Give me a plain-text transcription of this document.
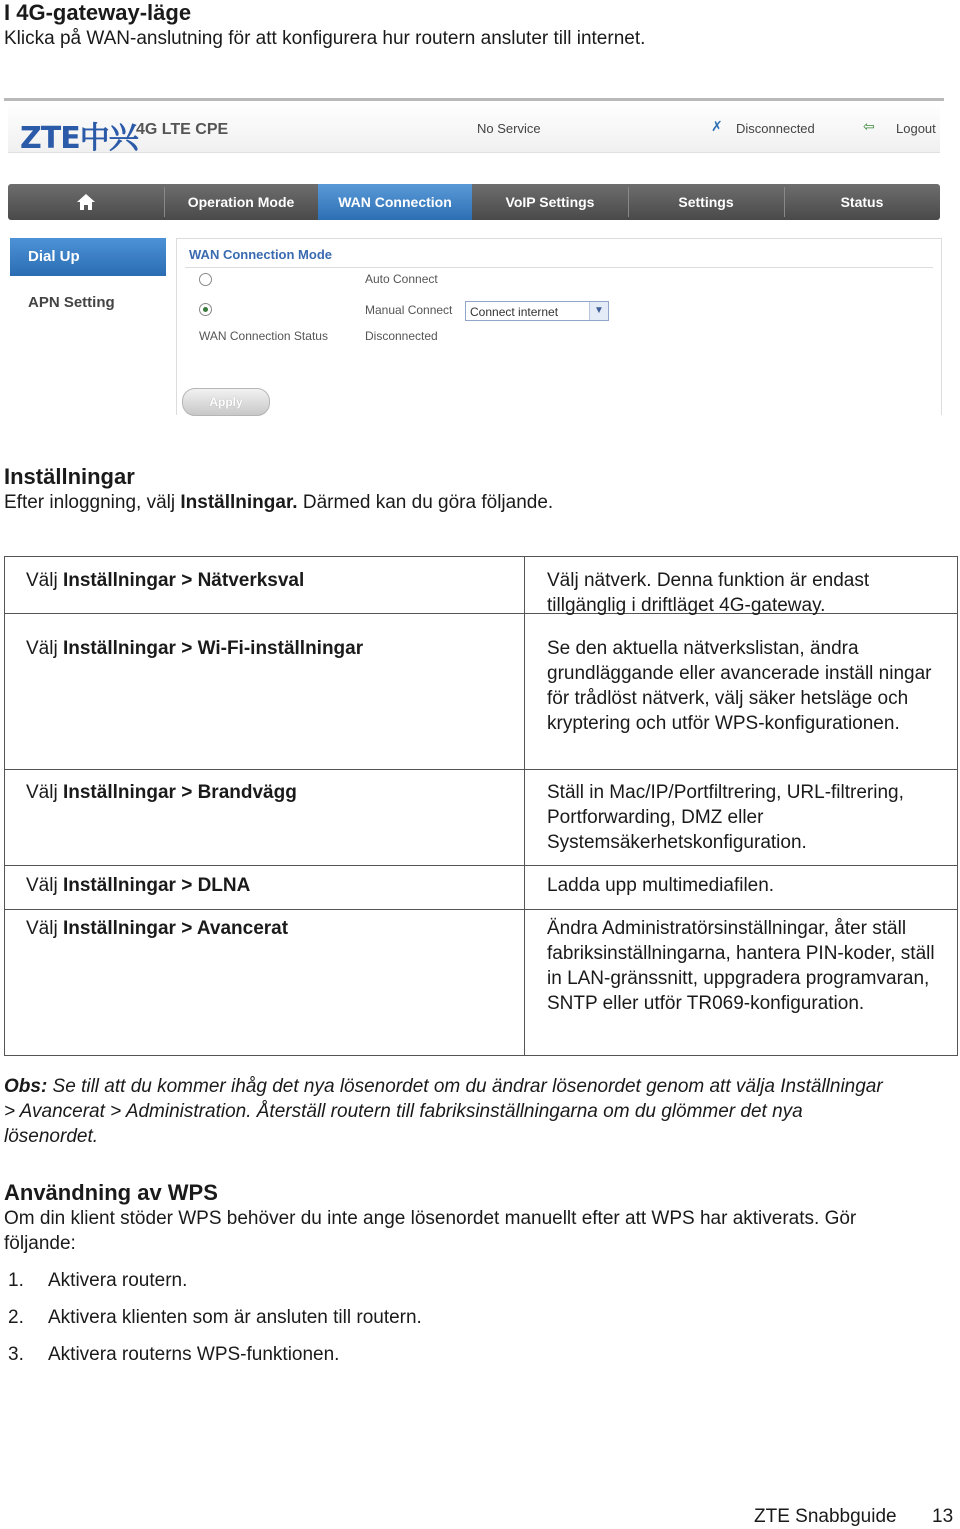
I 4G-gateway-läge
Klicka på WAN-anslutning för att konfigurera hur routern ansluter till internet.
ZTE中兴
4G LTE CPE	No Service	✗ Disconnected	⇦ Logout
Operation Mode	WAN Connection	VoIP Settings	Settings	Status
Dial Up
APN Setting
WAN Connection Mode
Auto Connect
Manual Connect	Connect internet	▼
WAN Connection Status	Disconnected
Apply
Inställningar
Efter inloggning, välj Inställningar. Därmed kan du göra följande.
Välj Inställningar > Nätverksval	Välj nätverk. Denna funktion är endast tillgänglig i driftläget 4G-gateway.
Välj Inställningar > Wi-Fi-inställningar	Se den aktuella nätverkslistan, ändra grundläggande eller avancerade inställ ningar för trådlöst nätverk, välj säker hetsläge och kryptering och utför WPS-konfigurationen.
Välj Inställningar > Brandvägg	Ställ in Mac/IP/Portfiltrering, URL-filtrering, Portforwarding, DMZ eller Systemsäkerhetskonfiguration.
Välj Inställningar > DLNA	Ladda upp multimediafilen.
Välj Inställningar > Avancerat	Ändra Administratörsinställningar, åter ställ fabriksinställningarna, hantera PIN-koder, ställ in LAN-gränssnitt, uppgradera programvaran, SNTP eller utför TR069-konfiguration.
Obs: Se till att du kommer ihåg det nya lösenordet om du ändrar lösenordet genom att välja Inställningar > Avancerat > Administration. Återställ routern till fabriksinställningarna om du glömmer det nya lösenordet.
Användning av WPS
Om din klient stöder WPS behöver du inte ange lösenordet manuellt efter att WPS har aktiverats. Gör följande:
1. Aktivera routern.
2. Aktivera klienten som är ansluten till routern.
3. Aktivera routerns WPS-funktionen.
ZTE Snabbguide 13
